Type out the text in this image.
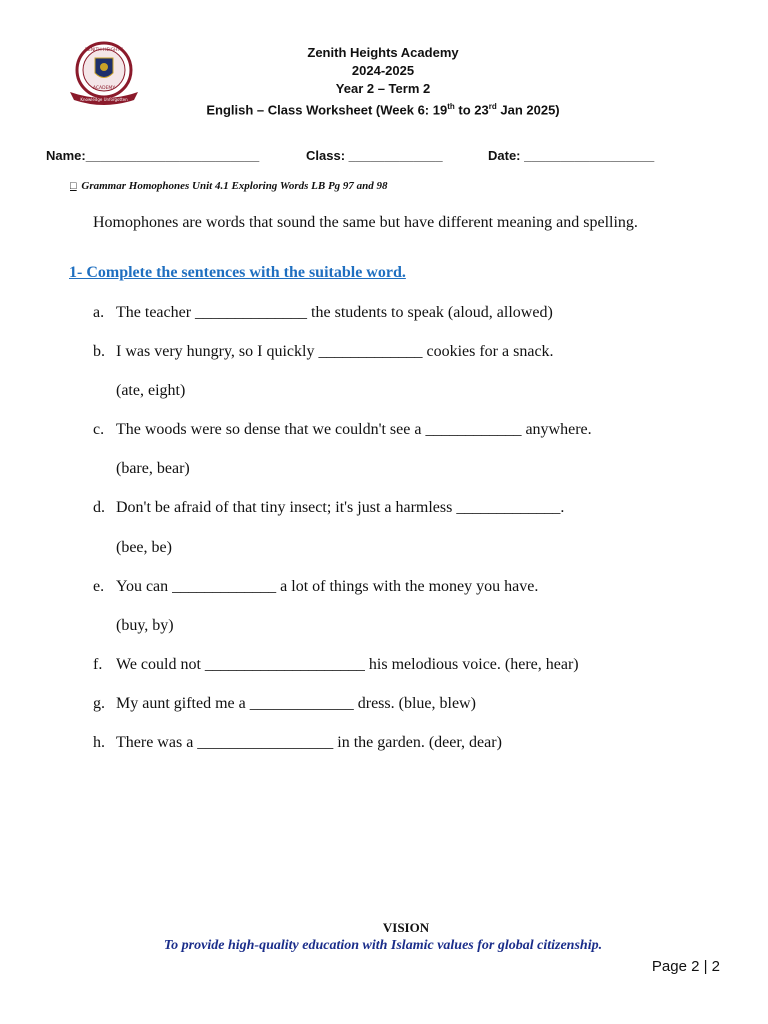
Knowledge Unforgotten
ZENITH HEIGHTS
ACADEMY
Zenith Heights Academy
2024-2025
Year 2 – Term 2
English – Class Worksheet (Week 6: 19th to 23rd Jan 2025)
Name:________________________	Class: _____________	Date: __________________
□ Grammar Homophones Unit 4.1 Exploring Words LB Pg 97 and 98
Homophones are words that sound the same but have different meaning and spelling.
1- Complete the sentences with the suitable word.
a. The teacher ______________ the students to speak (aloud, allowed)
b. I was very hungry, so I quickly _____________ cookies for a snack.
(ate, eight)
c. The woods were so dense that we couldn't see a ____________ anywhere.
(bare, bear)
d. Don't be afraid of that tiny insect; it's just a harmless _____________.
(bee, be)
e. You can _____________ a lot of things with the money you have.
(buy, by)
f. We could not ____________________ his melodious voice. (here, hear)
g. My aunt gifted me a _____________ dress. (blue, blew)
h. There was a _________________ in the garden. (deer, dear)
VISION
To provide high-quality education with Islamic values for global citizenship.
Page 2 | 2
